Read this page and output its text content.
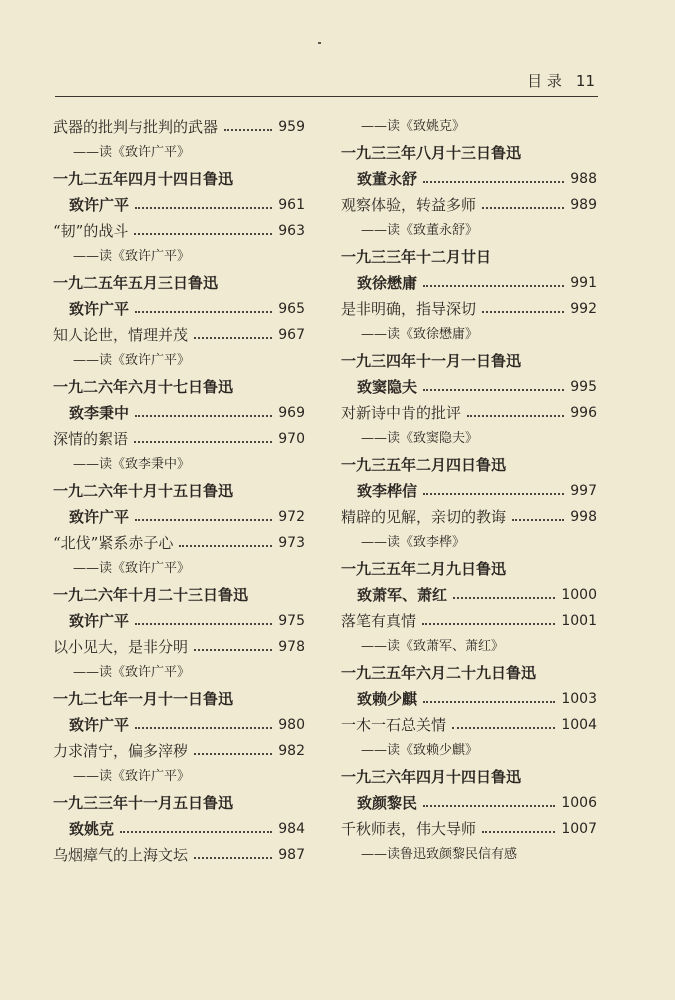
目 录 11
武器的批判与批判的武器	959
——读《致许广平》
一九二五年四月十四日鲁迅
致许广平	961
“韧”的战斗	963
——读《致许广平》
一九二五年五月三日鲁迅
致许广平	965
知人论世，情理并茂	967
——读《致许广平》
一九二六年六月十七日鲁迅
致李秉中	969
深情的絮语	970
——读《致李秉中》
一九二六年十月十五日鲁迅
致许广平	972
“北伐”紧系赤子心	973
——读《致许广平》
一九二六年十月二十三日鲁迅
致许广平	975
以小见大，是非分明	978
——读《致许广平》
一九二七年一月十一日鲁迅
致许广平	980
力求清宁，偏多滓秽	982
——读《致许广平》
一九三三年十一月五日鲁迅
致姚克	984
乌烟瘴气的上海文坛	987
——读《致姚克》
一九三三年八月十三日鲁迅
致董永舒	988
观察体验，转益多师	989
——读《致董永舒》
一九三三年十二月廿日
致徐懋庸	991
是非明确，指导深切	992
——读《致徐懋庸》
一九三四年十一月一日鲁迅
致窦隐夫	995
对新诗中肯的批评	996
——读《致窦隐夫》
一九三五年二月四日鲁迅
致李桦信	997
精辟的见解，亲切的教诲	998
——读《致李桦》
一九三五年二月九日鲁迅
致萧军、萧红	1000
落笔有真情	1001
——读《致萧军、萧红》
一九三五年六月二十九日鲁迅
致赖少麒	1003
一木一石总关情	1004
——读《致赖少麒》
一九三六年四月十四日鲁迅
致颜黎民	1006
千秋师表，伟大导师	1007
——读鲁迅致颜黎民信有感
